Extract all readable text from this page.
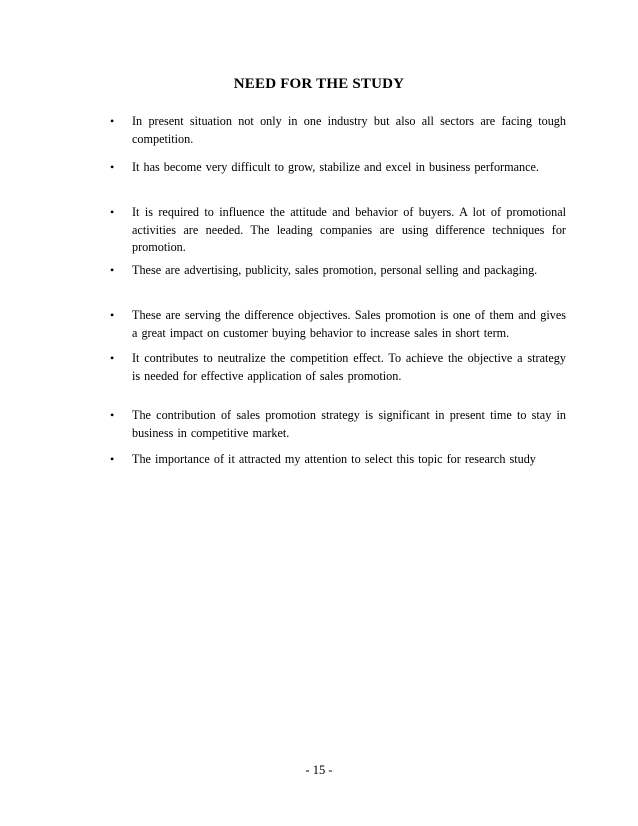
NEED FOR THE STUDY
•	In present situation not only in one industry but also all sectors are facing tough competition.
•	It has become very difficult to grow, stabilize and excel in business performance.
•	It is required to influence the attitude and behavior of buyers. A lot of promotional activities are needed. The leading companies are using difference techniques for promotion.
•	These are advertising, publicity, sales promotion, personal selling and packaging.
•	These are serving the difference objectives. Sales promotion is one of them and gives a great impact on customer buying behavior to increase sales in short term.
•	It contributes to neutralize the competition effect. To achieve the objective a strategy is needed for effective application of sales promotion.
•	The contribution of sales promotion strategy is significant in present time to stay in business in competitive market.
•	The importance of it attracted my attention to select this topic for research study
- 15 -
